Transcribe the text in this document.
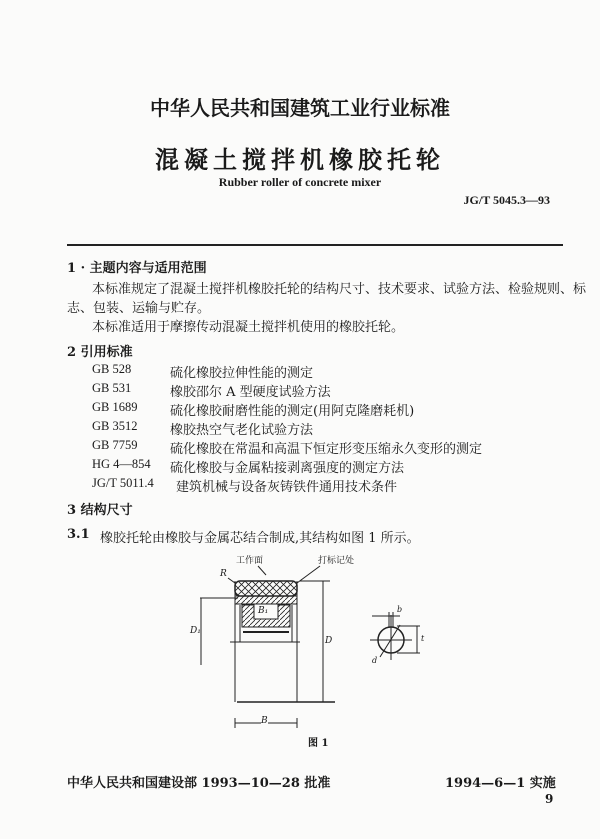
中华人民共和国建筑工业行业标准
混凝土搅拌机橡胶托轮
Rubber roller of concrete mixer
JG/T 5045.3—93
1 · 主题内容与适用范围
本标准规定了混凝土搅拌机橡胶托轮的结构尺寸、技术要求、试验方法、检验规则、标
志、包装、运输与贮存。
本标准适用于摩擦传动混凝土搅拌机使用的橡胶托轮。
2 引用标准
GB 528	硫化橡胶拉伸性能的测定
GB 531	橡胶邵尔 A 型硬度试验方法
GB 1689	硫化橡胶耐磨性能的测定(用阿克隆磨耗机)
GB 3512	橡胶热空气老化试验方法
GB 7759	硫化橡胶在常温和高温下恒定形变压缩永久变形的测定
HG 4—854 硫化橡胶与金属粘接剥离强度的测定方法
JG/T 5011.4 建筑机械与设备灰铸铁件通用技术条件
3 结构尺寸
3.1 橡胶托轮由橡胶与金属芯结合制成,其结构如图 1 所示。
工作面	打标记处
R
B₁
D₁
D
B
b
t
d
图 1
中华人民共和国建设部 1993—10—28 批准	1994—6—1 实施
9
